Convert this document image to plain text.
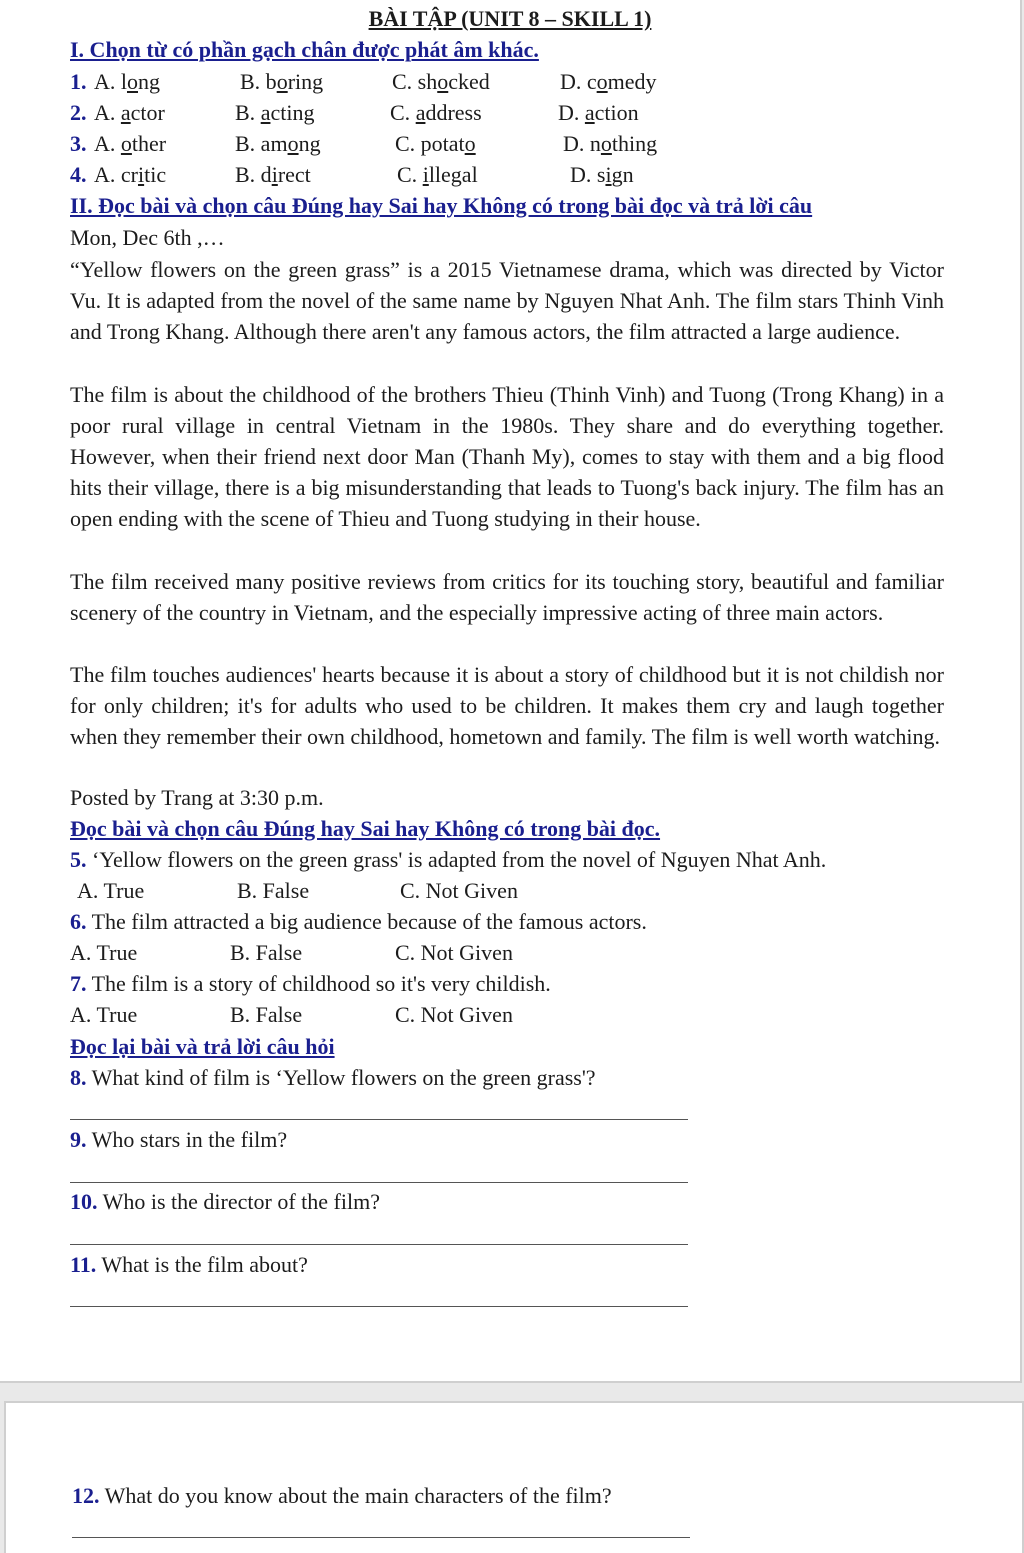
BÀI TẬP (UNIT 8 – SKILL 1)
I. Chọn từ có phần gạch chân được phát âm khác.
1. A. long	B. boring	C. shocked	D. comedy
2. A. actor	B. acting	C. address	D. action
3. A. other	B. among	C. potato	D. nothing
4. A. critic	B. direct	C. illegal	D. sign
II. Đọc bài và chọn câu Đúng hay Sai hay Không có trong bài đọc và trả lời câu
Mon, Dec 6th ,…
“Yellow flowers on the green grass” is a 2015 Vietnamese drama, which was directed by Victor Vu. It is adapted from the novel of the same name by Nguyen Nhat Anh. The film stars Thinh Vinh and Trong Khang. Although there aren't any famous actors, the film attracted a large audience.
The film is about the childhood of the brothers Thieu (Thinh Vinh) and Tuong (Trong Khang) in a poor rural village in central Vietnam in the 1980s. They share and do everything together. However, when their friend next door Man (Thanh My), comes to stay with them and a big flood hits their village, there is a big misunderstanding that leads to Tuong's back injury. The film has an open ending with the scene of Thieu and Tuong studying in their house.
The film received many positive reviews from critics for its touching story, beautiful and familiar scenery of the country in Vietnam, and the especially impressive acting of three main actors.
The film touches audiences' hearts because it is about a story of childhood but it is not childish nor for only children; it's for adults who used to be children. It makes them cry and laugh together when they remember their own childhood, hometown and family. The film is well worth watching.
Posted by Trang at 3:30 p.m.
Đọc bài và chọn câu Đúng hay Sai hay Không có trong bài đọc.
5. ‘Yellow flowers on the green grass' is adapted from the novel of Nguyen Nhat Anh.
A. True	B. False	C. Not Given
6. The film attracted a big audience because of the famous actors.
A. True	B. False	C. Not Given
7. The film is a story of childhood so it's very childish.
A. True	B. False	C. Not Given
Đọc lại bài và trả lời câu hỏi
8. What kind of film is ‘Yellow flowers on the green grass'?
9. Who stars in the film?
10. Who is the director of the film?
11. What is the film about?
12. What do you know about the main characters of the film?
